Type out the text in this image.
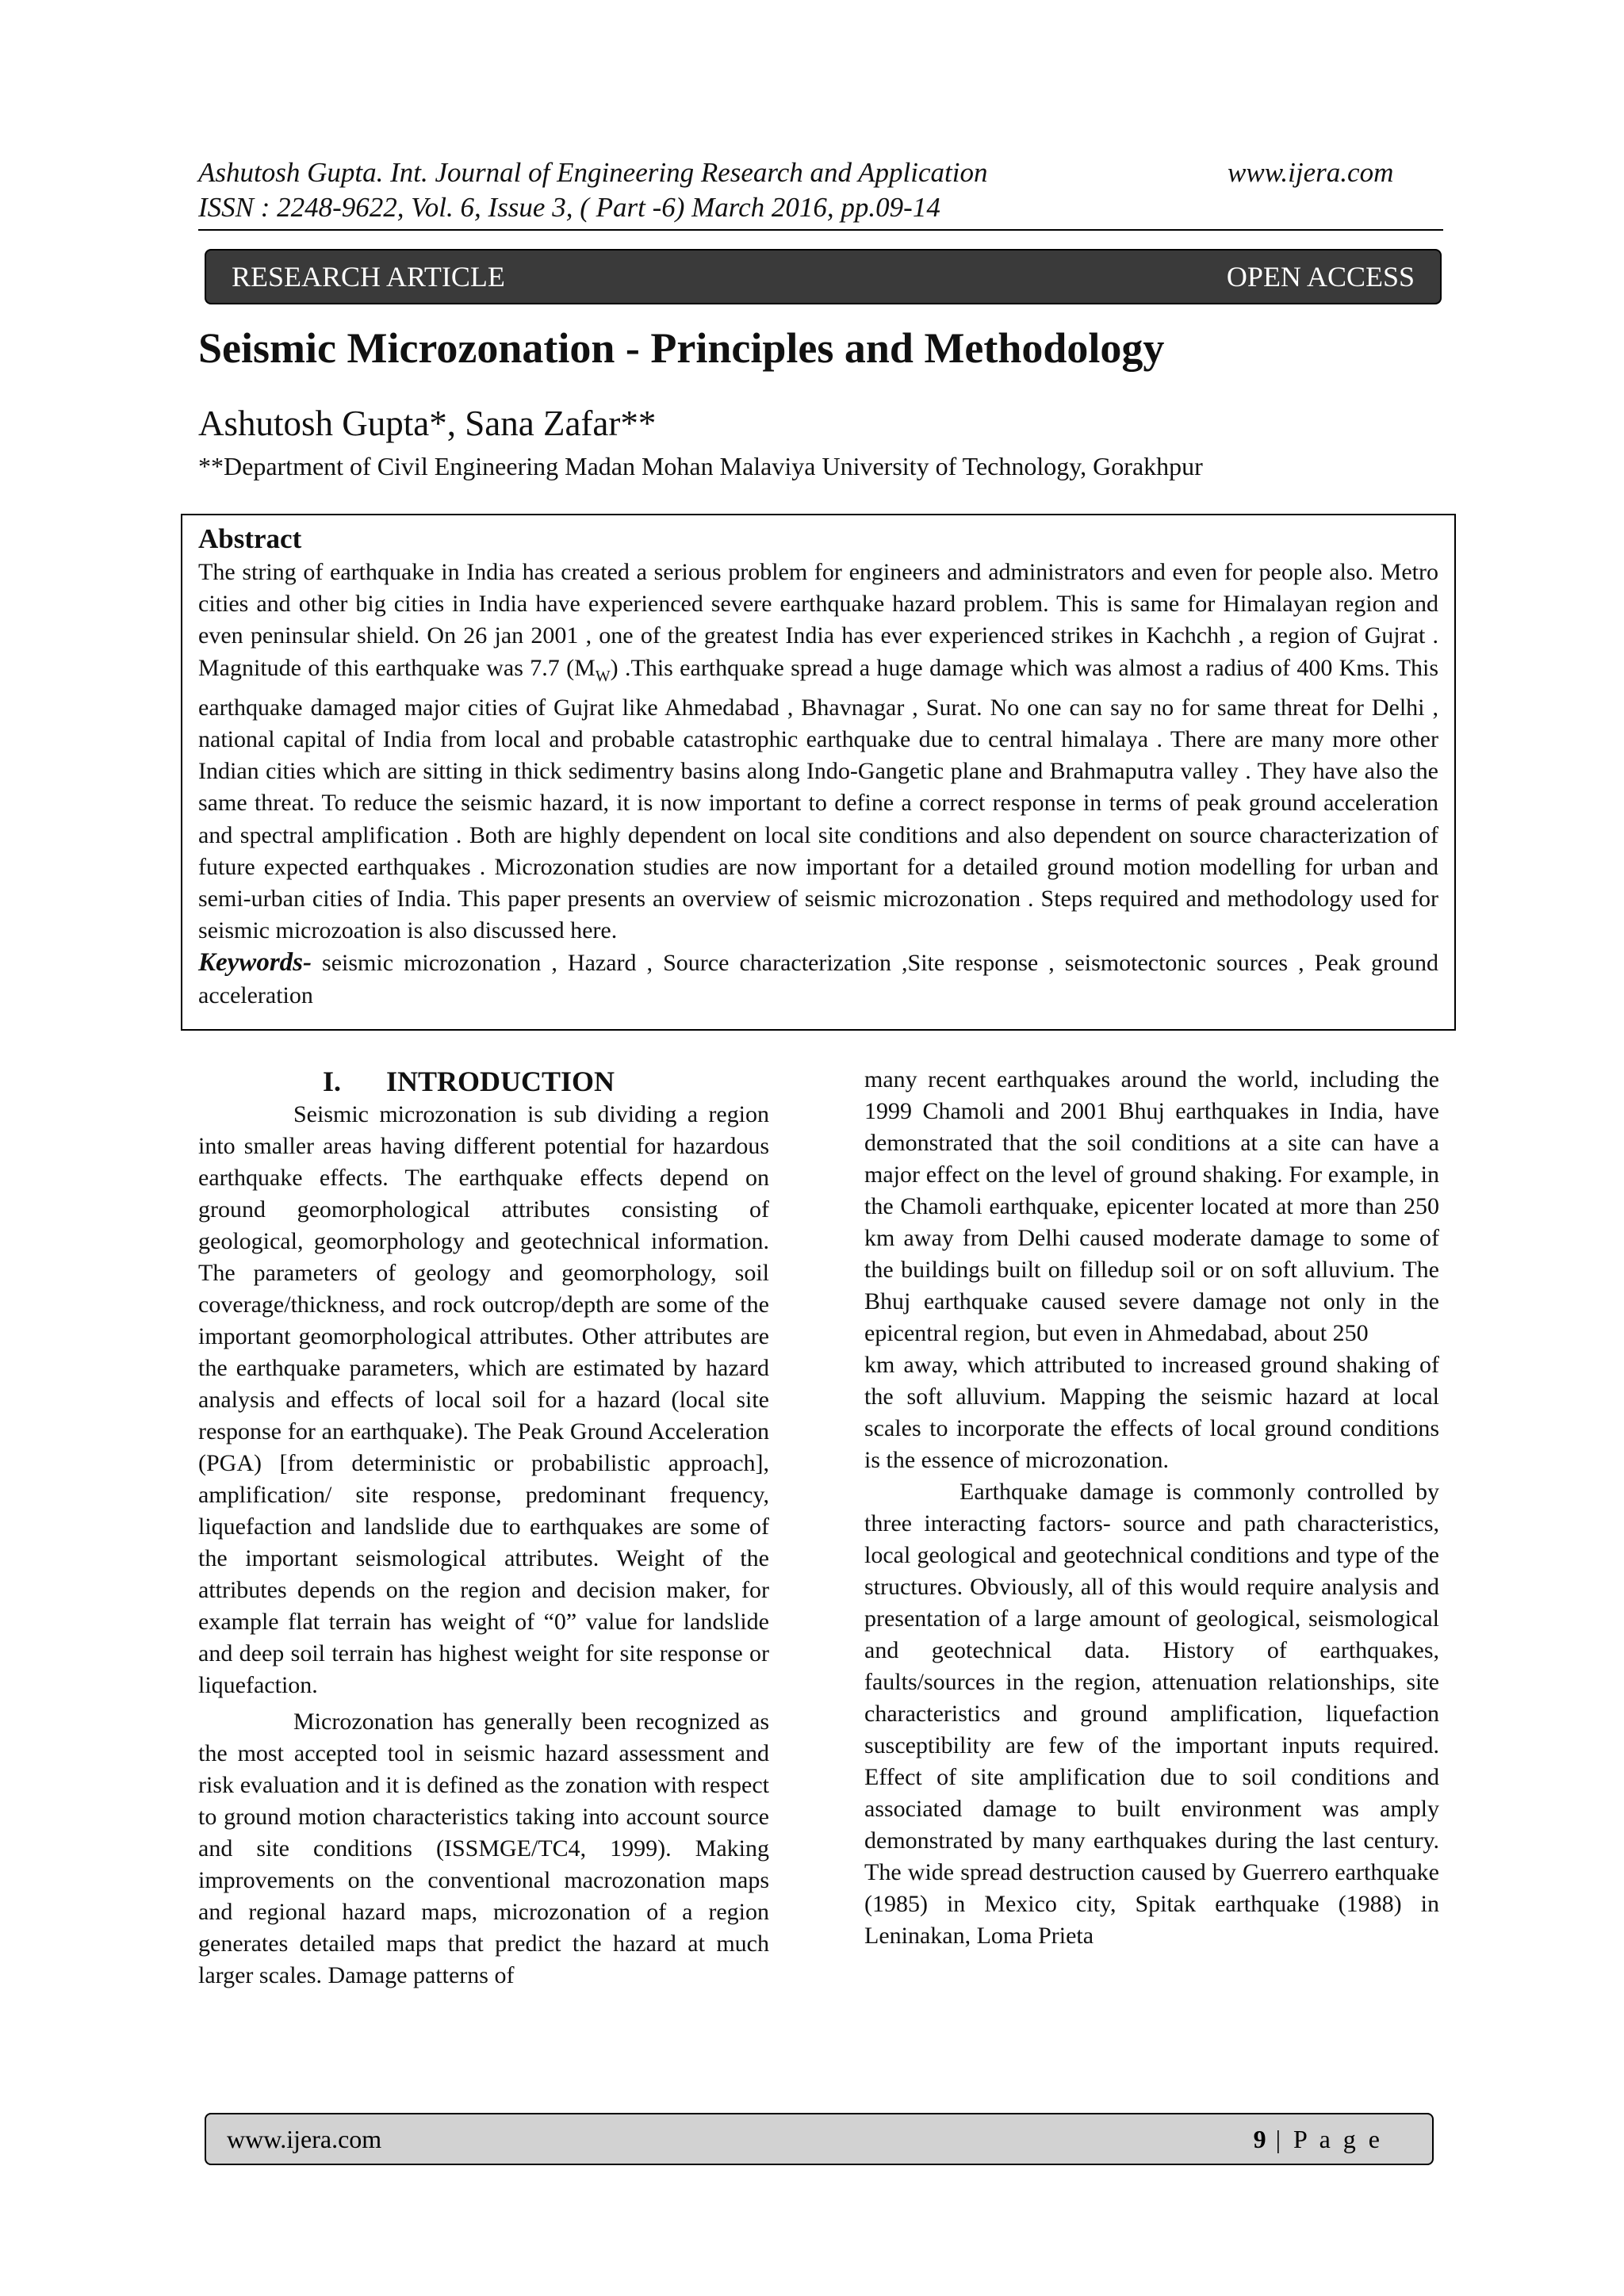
Ashutosh Gupta. Int. Journal of Engineering Research and Application	www.ijera.com
ISSN : 2248-9622, Vol. 6, Issue 3, ( Part -6) March 2016, pp.09-14
RESEARCH ARTICLE	OPEN ACCESS
Seismic Microzonation - Principles and Methodology
Ashutosh Gupta*, Sana Zafar**
**Department of Civil Engineering Madan Mohan Malaviya University of Technology, Gorakhpur
Abstract

The string of earthquake in India has created a serious problem for engineers and administrators and even for people also. Metro cities and other big cities in India have experienced severe earthquake hazard problem. This is same for Himalayan region and even peninsular shield. On 26 jan 2001 , one of the greatest India has ever experienced strikes in Kachchh , a region of Gujrat . Magnitude of this earthquake was 7.7 $(M_W)$ .This earthquake spread a huge damage which was almost a radius of 400 Kms. This earthquake damaged major cities of Gujrat like Ahmedabad , Bhavnagar , Surat. No one can say no for same threat for Delhi , national capital of India from local and probable catastrophic earthquake due to central himalaya . There are many more other Indian cities which are sitting in thick sedimentry basins along Indo-Gangetic plane and Brahmaputra valley . They have also the same threat. To reduce the seismic hazard, it is now important to define a correct response in terms of peak ground acceleration and spectral amplification . Both are highly dependent on local site conditions and also dependent on source characterization of future expected earthquakes . Microzonation studies are now important for a detailed ground motion modelling for urban and semi-urban cities of India. This paper presents an overview of seismic microzonation . Steps required and methodology used for seismic microzoation is also discussed here.

Keywords- seismic microzonation , Hazard , Source characterization ,Site response , seismotectonic sources , Peak ground acceleration

I. INTRODUCTION

Seismic microzonation is sub dividing a region into smaller areas having different potential for hazardous earthquake effects. The earthquake effects depend on ground geomorphological attributes consisting of geological, geomorphology and geotechnical information. The parameters of geology and geomorphology, soil coverage/thickness, and rock outcrop/depth are some of the important geomorphological attributes. Other attributes are the earthquake parameters, which are estimated by hazard analysis and effects of local soil for a hazard (local site response for an earthquake). The Peak Ground Acceleration (PGA) [from deterministic or probabilistic approach], amplification/ site response, predominant frequency, liquefaction and landslide due to earthquakes are some of the important seismological attributes. Weight of the attributes depends on the region and decision maker, for example flat terrain has weight of “0” value for landslide and deep soil terrain has highest weight for site response or liquefaction.

Microzonation has generally been recognized as the most accepted tool in seismic hazard assessment and risk evaluation and it is defined as the zonation with respect to ground motion characteristics taking into account source and site conditions (ISSMGE/TC4, 1999). Making improvements on the conventional macrozonation maps and regional hazard maps, microzonation of a region generates detailed maps that predict the hazard at much larger scales. Damage patterns of

many recent earthquakes around the world, including the 1999 Chamoli and 2001 Bhuj earthquakes in India, have demonstrated that the soil conditions at a site can have a major effect on the level of ground shaking. For example, in the Chamoli earthquake, epicenter located at more than 250 km away from Delhi caused moderate damage to some of the buildings built on filledup soil or on soft alluvium. The Bhuj earthquake caused severe damage not only in the epicentral region, but even in Ahmedabad, about 250

km away, which attributed to increased ground shaking of the soft alluvium. Mapping the seismic hazard at local scales to incorporate the effects of local ground conditions is the essence of microzonation.

Earthquake damage is commonly controlled by three interacting factors- source and path characteristics, local geological and geotechnical conditions and type of the structures. Obviously, all of this would require analysis and presentation of a large amount of geological, seismological and geotechnical data. History of earthquakes, faults/sources in the region, attenuation relationships, site characteristics and ground amplification, liquefaction susceptibility are few of the important inputs required. Effect of site amplification due to soil conditions and associated damage to built environment was amply demonstrated by many earthquakes during the last century. The wide spread destruction caused by Guerrero earthquake (1985) in Mexico city, Spitak earthquake (1988) in Leninakan, Loma Prieta

www.ijera.com	9 | P a g e
